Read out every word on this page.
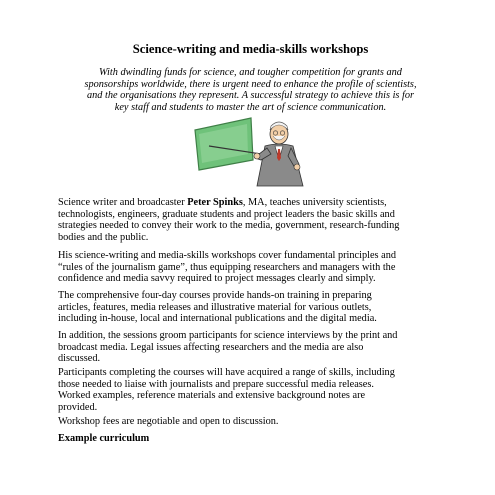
Science-writing and media-skills workshops

With dwindling funds for science, and tougher competition for grants and
sponsorships worldwide, there is urgent need to enhance the profile of scientists,
and the organisations they represent. A successful strategy to achieve this is for
key staff and students to master the art of science communication.

Science writer and broadcaster Peter Spinks, MA, teaches university scientists,
technologists, engineers, graduate students and project leaders the basic skills and
strategies needed to convey their work to the media, government, research-funding
bodies and the public.

His science-writing and media-skills workshops cover fundamental principles and
“rules of the journalism game”, thus equipping researchers and managers with the
confidence and media savvy required to project messages clearly and simply.

The comprehensive four-day courses provide hands-on training in preparing
articles, features, media releases and illustrative material for various outlets,
including in-house, local and international publications and the digital media.

In addition, the sessions groom participants for science interviews by the print and
broadcast media. Legal issues affecting researchers and the media are also
discussed.

Participants completing the courses will have acquired a range of skills, including
those needed to liaise with journalists and prepare successful media releases.
Worked examples, reference materials and extensive background notes are
provided.

Workshop fees are negotiable and open to discussion.

Example curriculum
